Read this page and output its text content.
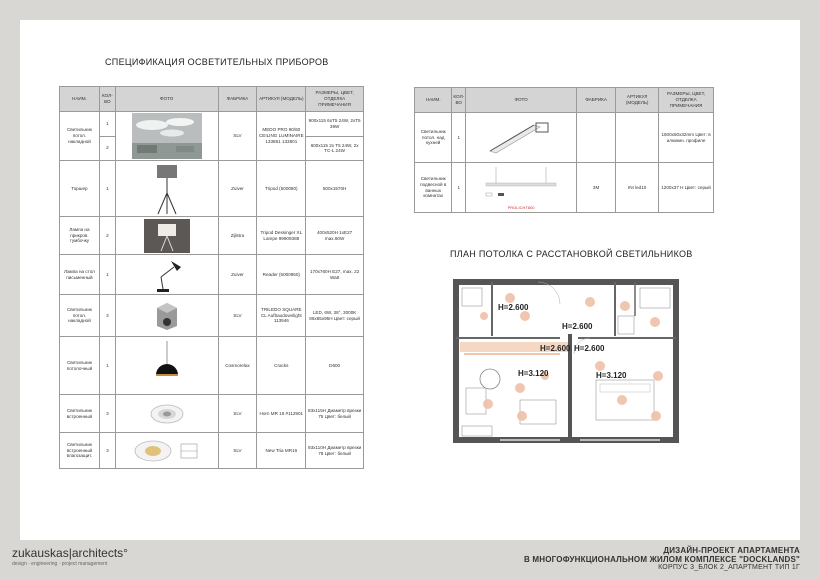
СПЕЦИФИКАЦИЯ ОСВЕТИТЕЛЬНЫХ ПРИБОРОВ
НАИМ.	КОЛ-ВО	ФОТО	ФАБРИКА	АРТИКУЛ (МОДЕЛЬ)	РАЗМЕРЫ, ЦВЕТ, ОТДЕЛКА ПРИМЕЧАНИЯ
Светильник потол. накладной	1		SLV	MEDO PRO 90/60 CEILING LUMINAIRE 133861 133801	900x115 6xT5 24W, 2xT5 39W
	2				600x115 2x T5 24W, 2x TC-L 24W
Торшер	1		Zuiver	Tripod (500080)	500x1570H
Лампа на прикров. тумбочку	2		Zijlstra	Tripod Dessinger XL Lampe 99909388	400x520H 1xE27 max.60W
Лампа на стол письменный	1		Zuiver	Reader (5000950)	170x760H E27, max. 22 Watt
Светильник потол. накладной	3		SLV	TRILEDO SQUARE CL Aufbaudownlight 113946	LED, 6W, 38°, 3000K 86x85x95H Цвет: серый
Светильник потолочный	1		Cosmorelax	Cracks	D600
Светильник встроенный	3		SLV	Horn MR 16 #112901	83x115H Диаметр врезки 75 Цвет: белый
Светильник встроенный влагозащит.	3		SLV	New Tria MR16	93x110H Диаметр врезки 78 Цвет: белый
НАИМ.	КОЛ-ВО	ФОТО	ФАБРИКА	АРТИКУЛ (МОДЕЛЬ)	РАЗМЕРЫ, ЦВЕТ, ОТДЕЛКА ПРИМЕЧАНИЯ
Светильник потол. над кухней	1				1600x50x32mm Цвет: в алюмин. профиле
Светильник подвесной в ванных комнатах	1	PROLICHT800	3M	INI led10	1200x37 H Цвет: серый
ПЛАН ПОТОЛКА С РАССТАНОВКОЙ СВЕТИЛЬНИКОВ
H=2.600
H=2.600
H=2.600 H=2.600
H=3.120	H=3.120
zukauskas|architects°
design · engineering · project management
ДИЗАЙН-ПРОЕКТ АПАРТАМЕНТА
В МНОГОФУНКЦИОНАЛЬНОМ ЖИЛОМ КОМПЛЕКСЕ "DOCKLANDS"
КОРПУС 3_БЛОК 2_АПАРТМЕНТ ТИП 1Г
